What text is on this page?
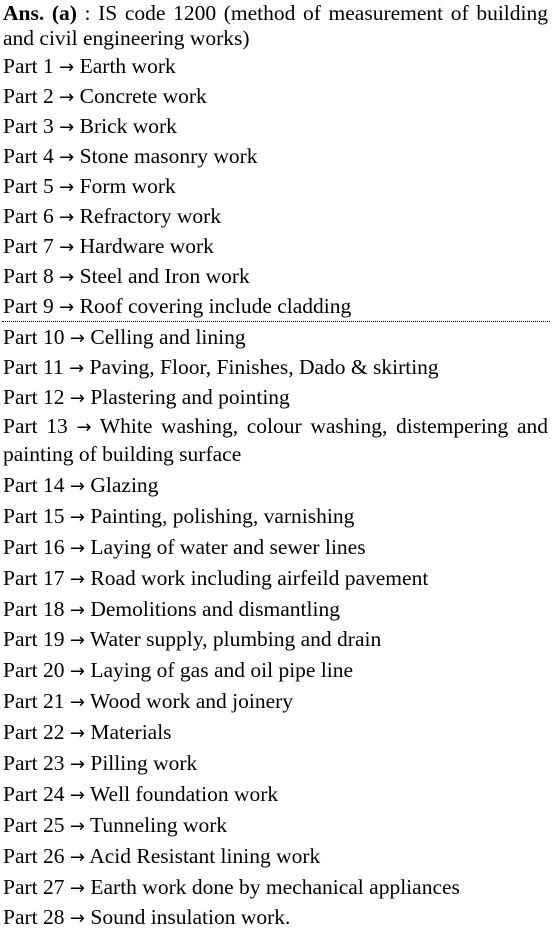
Ans. (a) : IS code 1200 (method of measurement of building and civil engineering works)
Part 1 → Earth work
Part 2 → Concrete work
Part 3 → Brick work
Part 4 → Stone masonry work
Part 5 → Form work
Part 6 → Refractory work
Part 7 → Hardware work
Part 8 → Steel and Iron work
Part 9 → Roof covering include cladding
Part 10 → Celling and lining
Part 11 → Paving, Floor, Finishes, Dado & skirting
Part 12 → Plastering and pointing
Part 13 → White washing, colour washing, distempering and painting of building surface
Part 14 → Glazing
Part 15 → Painting, polishing, varnishing
Part 16 → Laying of water and sewer lines
Part 17 → Road work including airfeild pavement
Part 18 → Demolitions and dismantling
Part 19 → Water supply, plumbing and drain
Part 20 → Laying of gas and oil pipe line
Part 21 → Wood work and joinery
Part 22 → Materials
Part 23 → Pilling work
Part 24 → Well foundation work
Part 25 → Tunneling work
Part 26 → Acid Resistant lining work
Part 27 → Earth work done by mechanical appliances
Part 28 → Sound insulation work.
